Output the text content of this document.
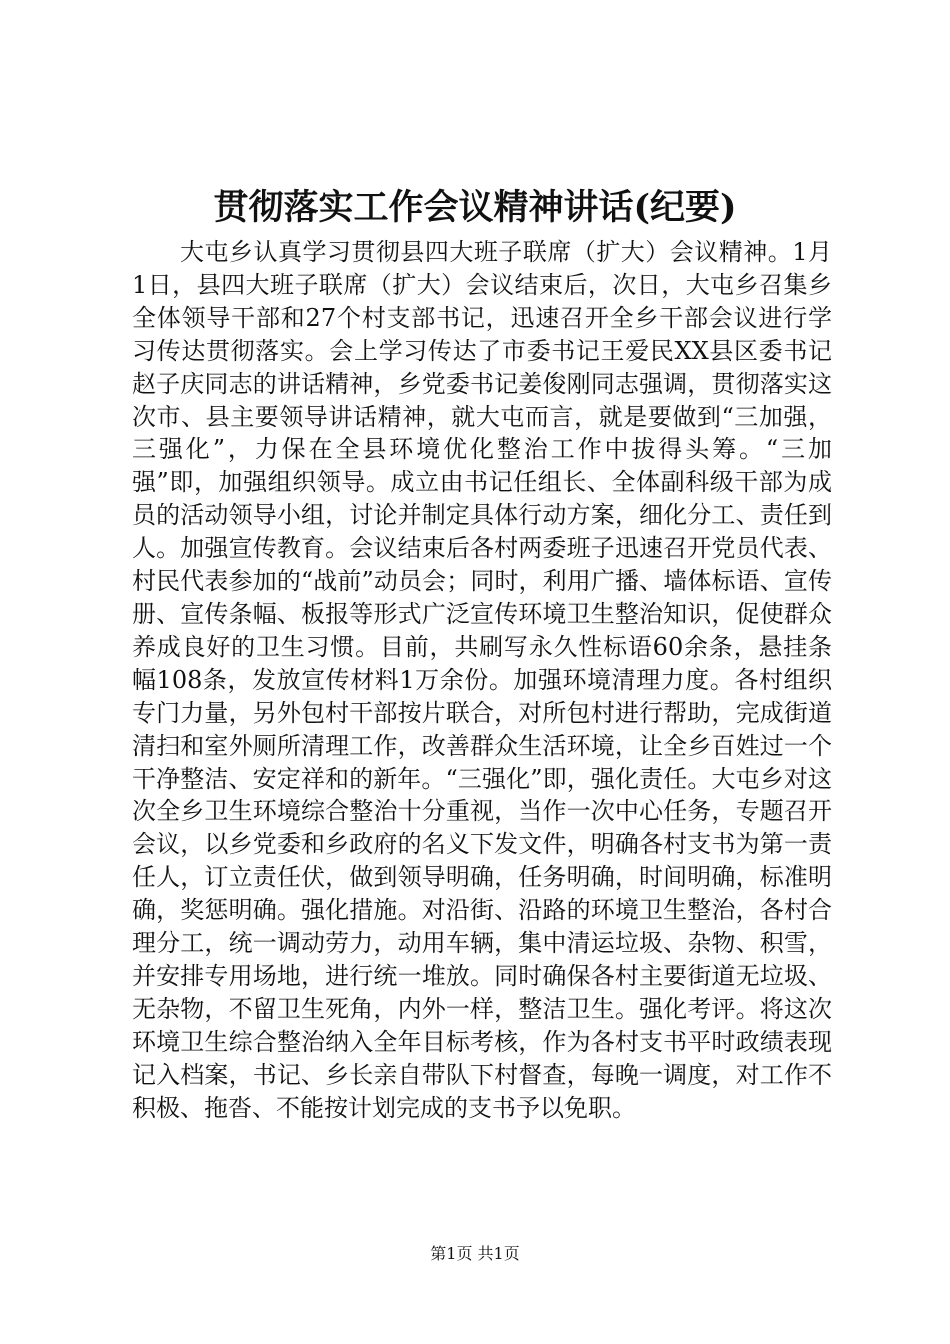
贯彻落实工作会议精神讲话(纪要)

大屯乡认真学习贯彻县四大班子联席（扩大）会议精神。1月1日，县四大班子联席（扩大）会议结束后，次日，大屯乡召集乡全体领导干部和27个村支部书记，迅速召开全乡干部会议进行学习传达贯彻落实。会上学习传达了市委书记王爱民XX县区委书记赵子庆同志的讲话精神，乡党委书记姜俊刚同志强调，贯彻落实这次市、县主要领导讲话精神，就大屯而言，就是要做到“三加强，三强化”，力保在全县环境优化整治工作中拔得头筹。“三加强”即，加强组织领导。成立由书记任组长、全体副科级干部为成员的活动领导小组，讨论并制定具体行动方案，细化分工、责任到人。加强宣传教育。会议结束后各村两委班子迅速召开党员代表、村民代表参加的“战前”动员会；同时，利用广播、墙体标语、宣传册、宣传条幅、板报等形式广泛宣传环境卫生整治知识，促使群众养成良好的卫生习惯。目前，共刷写永久性标语60余条，悬挂条幅108条，发放宣传材料1万余份。加强环境清理力度。各村组织专门力量，另外包村干部按片联合，对所包村进行帮助，完成街道清扫和室外厕所清理工作，改善群众生活环境，让全乡百姓过一个干净整洁、安定祥和的新年。“三强化”即，强化责任。大屯乡对这次全乡卫生环境综合整治十分重视，当作一次中心任务，专题召开会议，以乡党委和乡政府的名义下发文件，明确各村支书为第一责任人，订立责任伏，做到领导明确，任务明确，时间明确，标准明确，奖惩明确。强化措施。对沿街、沿路的环境卫生整治，各村合理分工，统一调动劳力，动用车辆，集中清运垃圾、杂物、积雪，并安排专用场地，进行统一堆放。同时确保各村主要街道无垃圾、无杂物，不留卫生死角，内外一样，整洁卫生。强化考评。将这次环境卫生综合整治纳入全年目标考核，作为各村支书平时政绩表现记入档案，书记、乡长亲自带队下村督查，每晚一调度，对工作不积极、拖沓、不能按计划完成的支书予以免职。

第1页 共1页
